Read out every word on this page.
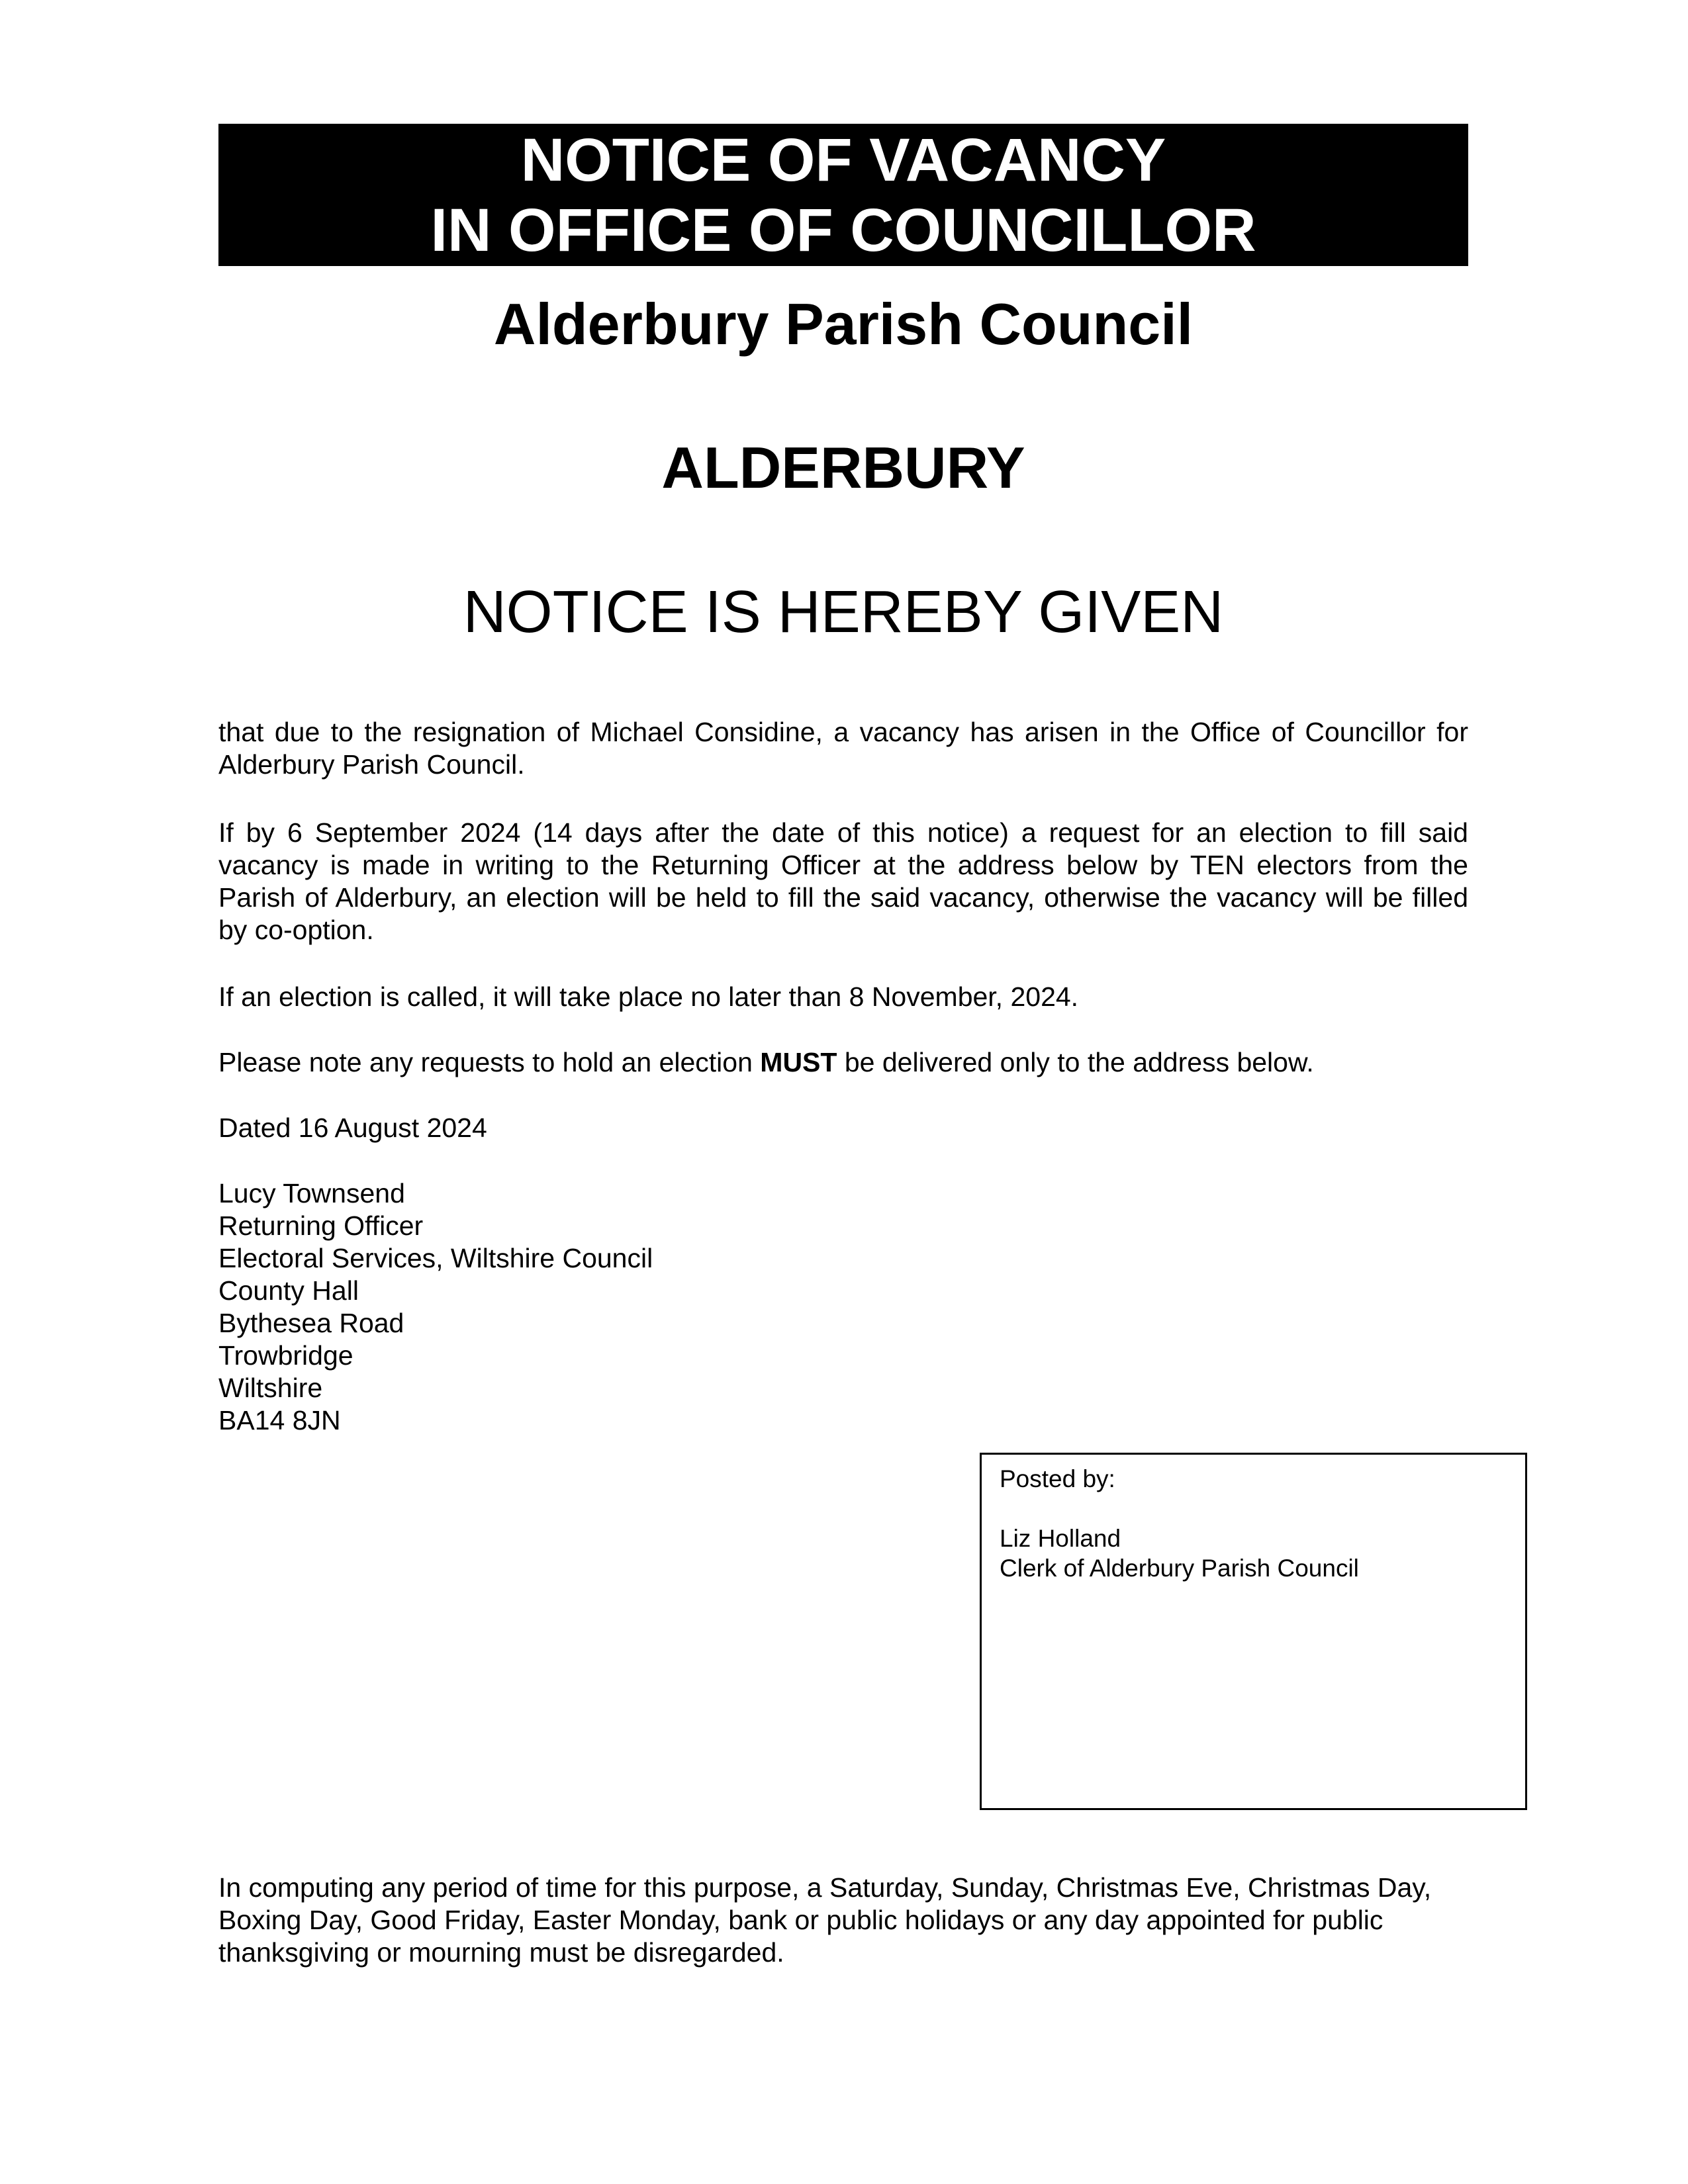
NOTICE OF VACANCY
IN OFFICE OF COUNCILLOR
Alderbury Parish Council
ALDERBURY
NOTICE IS HEREBY GIVEN
that due to the resignation of Michael Considine, a vacancy has arisen in the Office of Councillor for Alderbury Parish Council.
If by 6 September 2024 (14 days after the date of this notice) a request for an election to fill said vacancy is made in writing to the Returning Officer at the address below by TEN electors from the Parish of Alderbury, an election will be held to fill the said vacancy, otherwise the vacancy will be filled by co-option.
If an election is called, it will take place no later than 8 November, 2024.
Please note any requests to hold an election MUST be delivered only to the address below.
Dated 16 August 2024
Lucy Townsend
Returning Officer
Electoral Services, Wiltshire Council
County Hall
Bythesea Road
Trowbridge
Wiltshire
BA14 8JN
Posted by:
Liz Holland
Clerk of Alderbury Parish Council
In computing any period of time for this purpose, a Saturday, Sunday, Christmas Eve, Christmas Day, Boxing Day, Good Friday, Easter Monday, bank or public holidays or any day appointed for public thanksgiving or mourning must be disregarded.
